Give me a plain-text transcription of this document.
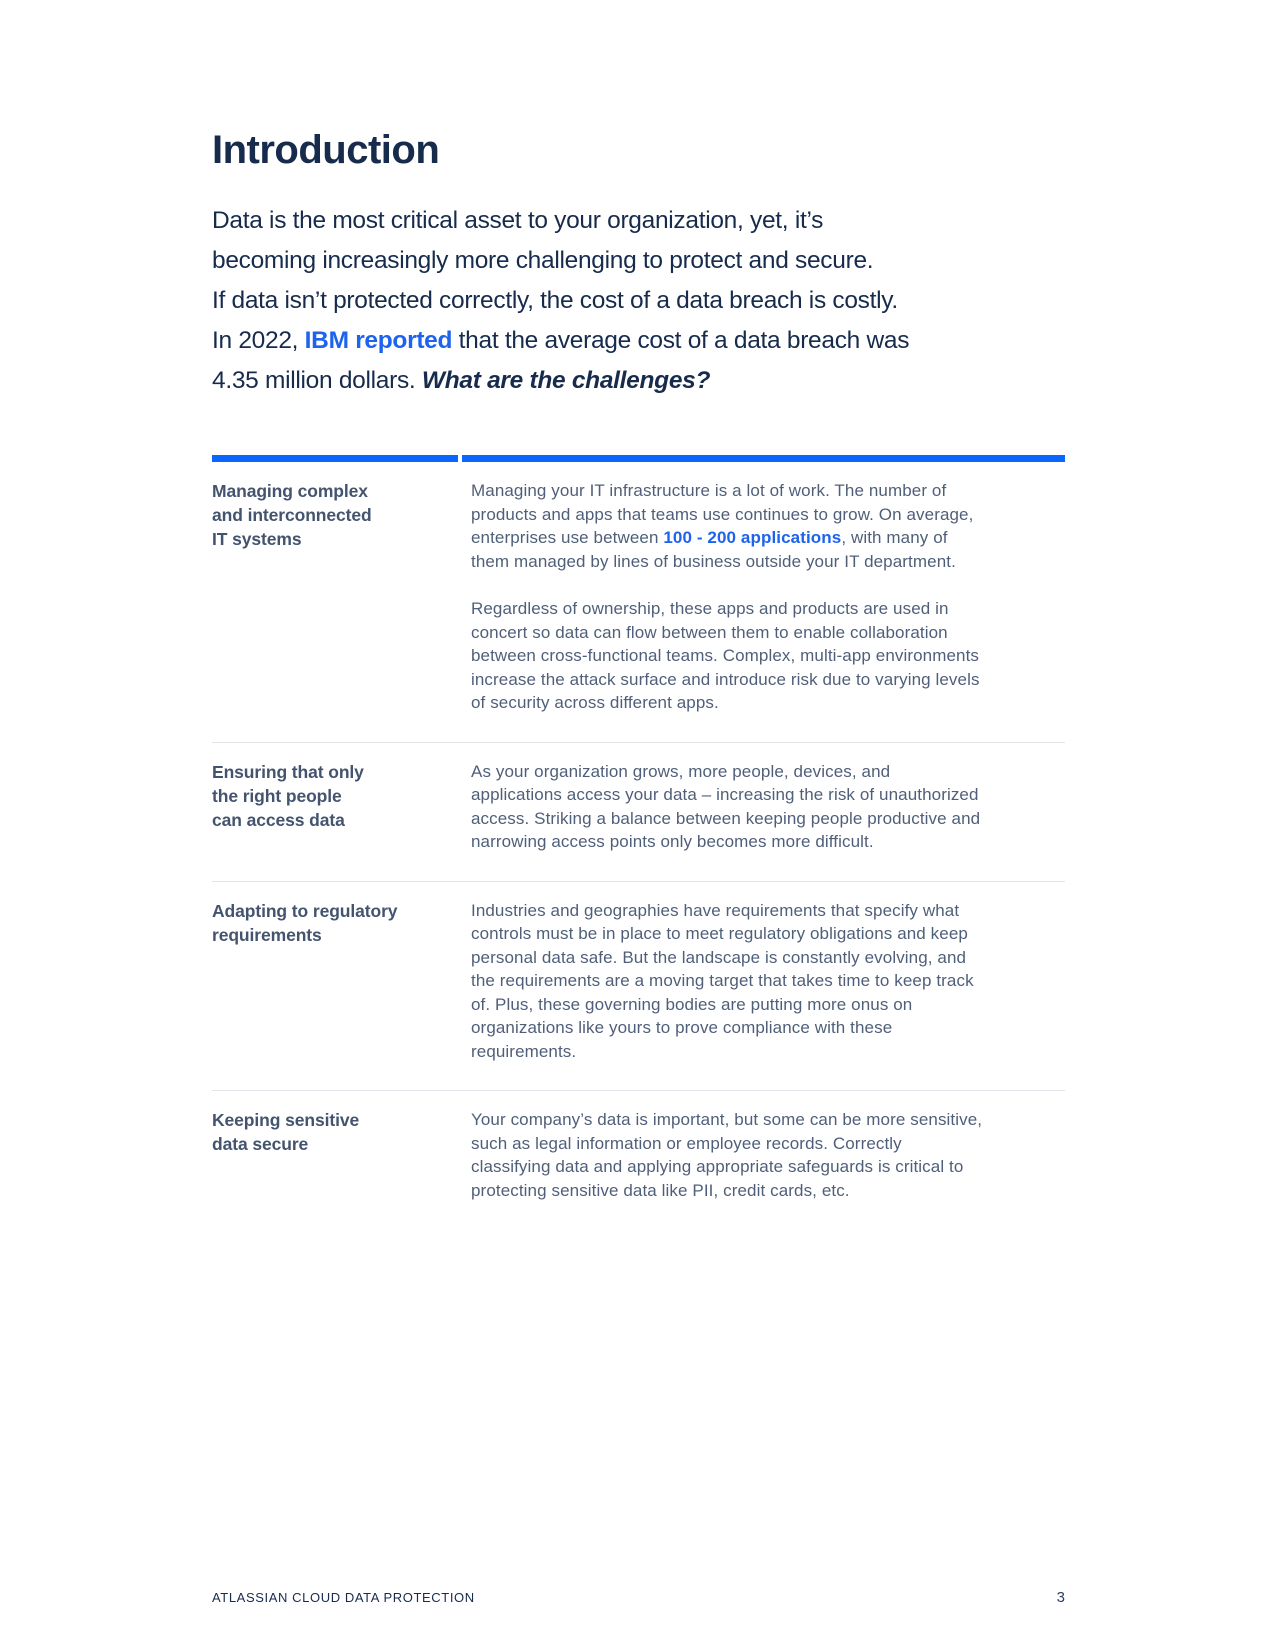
Introduction
Data is the most critical asset to your organization, yet, it’s
becoming increasingly more challenging to protect and secure.
If data isn’t protected correctly, the cost of a data breach is costly.
In 2022, IBM reported that the average cost of a data breach was
4.35 million dollars. What are the challenges?
Managing complex
and interconnected
IT systems

Managing your IT infrastructure is a lot of work. The number of products and apps that teams use continues to grow. On average, enterprises use between 100 - 200 applications, with many of them managed by lines of business outside your IT department.

Regardless of ownership, these apps and products are used in concert so data can flow between them to enable collaboration between cross-functional teams. Complex, multi-app environments increase the attack surface and introduce risk due to varying levels of security across different apps.

Ensuring that only
the right people
can access data

As your organization grows, more people, devices, and applications access your data – increasing the risk of unauthorized access. Striking a balance between keeping people productive and narrowing access points only becomes more difficult.

Adapting to regulatory
requirements

Industries and geographies have requirements that specify what controls must be in place to meet regulatory obligations and keep personal data safe. But the landscape is constantly evolving, and the requirements are a moving target that takes time to keep track of. Plus, these governing bodies are putting more onus on organizations like yours to prove compliance with these requirements.

Keeping sensitive
data secure

Your company’s data is important, but some can be more sensitive, such as legal information or employee records. Correctly classifying data and applying appropriate safeguards is critical to protecting sensitive data like PII, credit cards, etc.

ATLASSIAN CLOUD DATA PROTECTION	3
